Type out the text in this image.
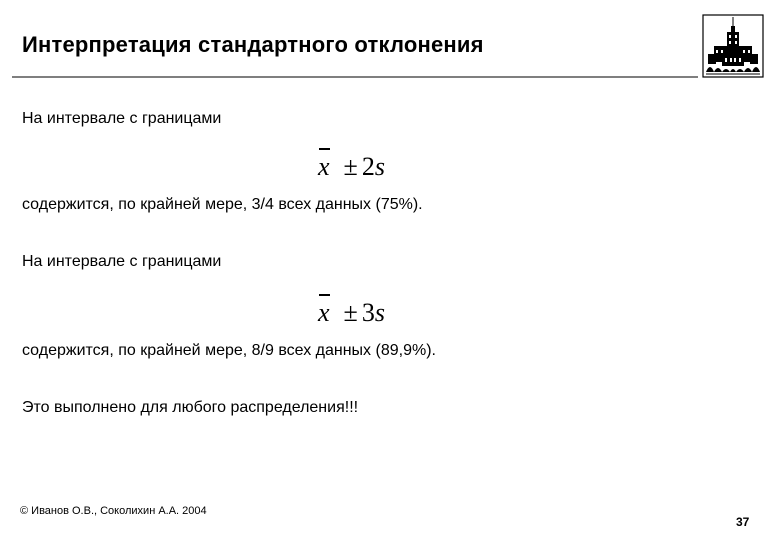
Интерпретация стандартного отклонения
На интервале с границами
x ± 2s
содержится, по крайней мере, 3/4 всех данных (75%).
На интервале с границами
x ± 3s
содержится, по крайней мере, 8/9 всех данных (89,9%).
Это выполнено для любого распределения!!!
© Иванов О.В., Соколихин А.А. 2004
37
